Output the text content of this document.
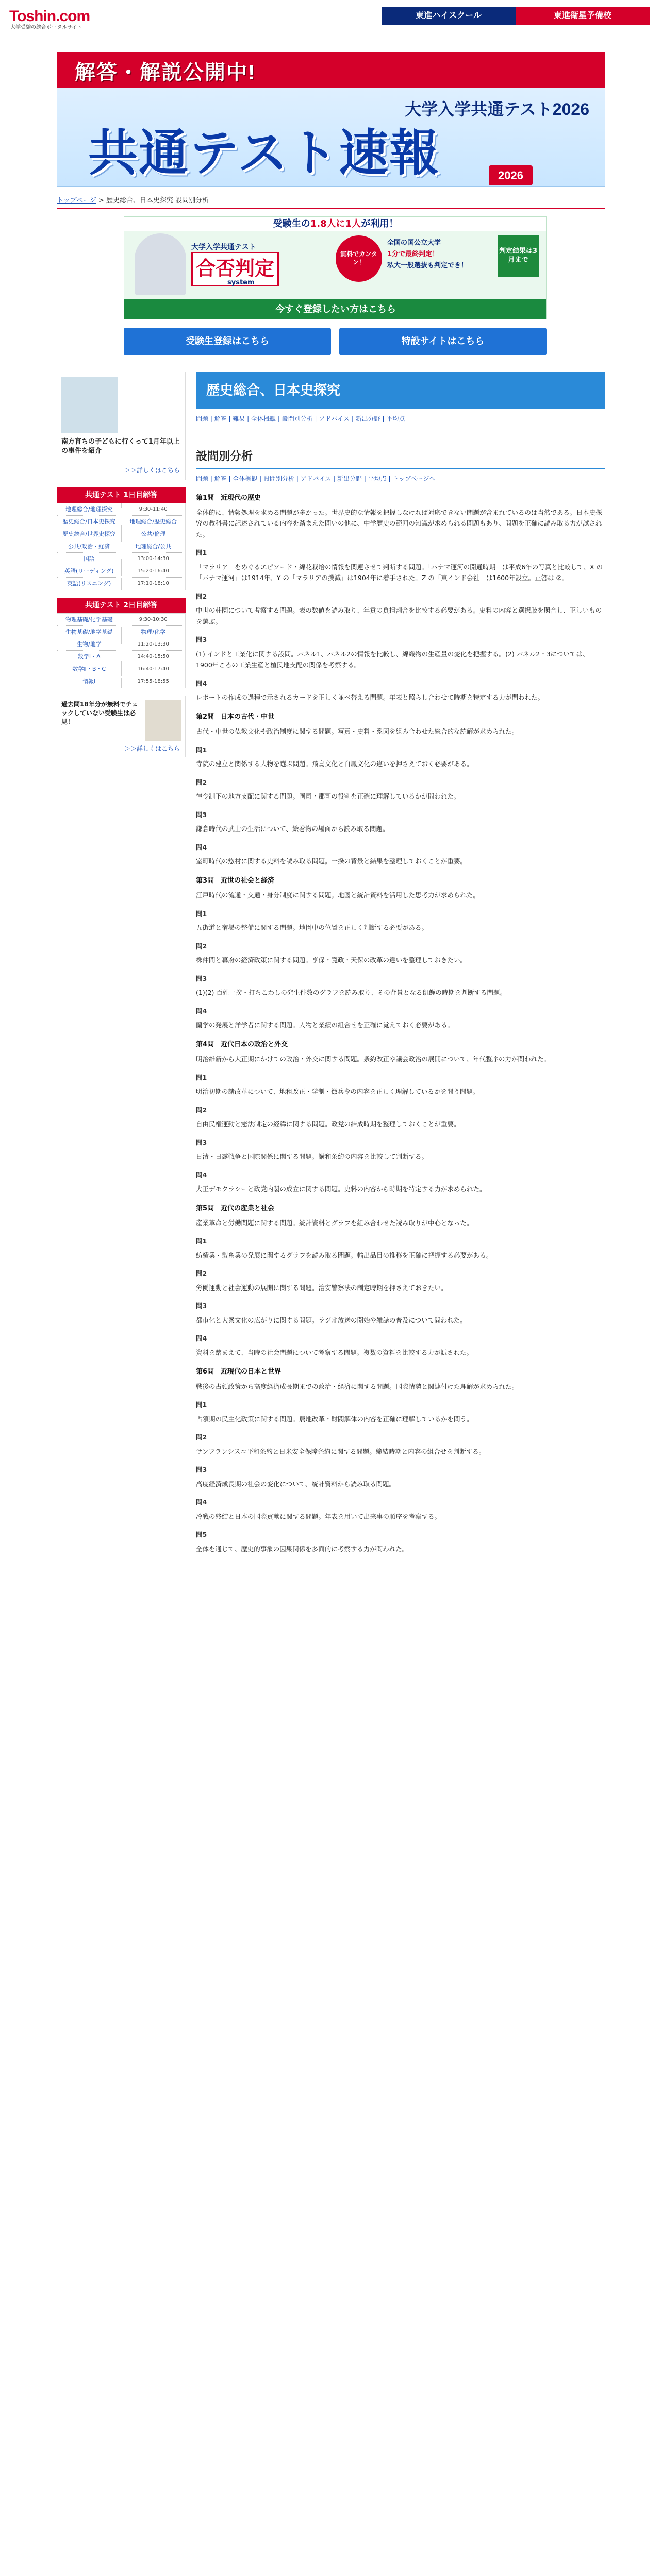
Toshin.com
大学受験の総合ポータルサイト
東進ハイスクール	東進衛星予備校
解答・解説公開中!
大学入学共通テスト2026
共通テスト速報	2026
トップページ > 歴史総合、日本史探究 設問別分析
受験生の1.8人に1人が利用！
大学入学共通テスト
合否判定
system
無料でカンタン！
全国の国公立大学
1分で最終判定！
私大一般選抜も判定でき！
判定結果は3月まで
今すぐ登録したい方はこちら
受験生登録はこちら	特設サイトはこちら
南方育ちの子どもに行くって1月年以上の事件を紹介
＞＞詳しくはこちら
共通テスト 1日目解答
地理総合/地理探究	9:30-11:40
歴史総合/日本史探究	地理総合/歴史総合
歴史総合/世界史探究	公共/倫理
公共/政治・経済	地理総合/公共
国語	13:00-14:30
英語(リーディング)	15:20-16:40
英語(リスニング)	17:10-18:10
共通テスト 2日目解答
物理基礎/化学基礎	9:30-10:30
生物基礎/地学基礎	物理/化学
生物/地学	11:20-13:30
数学Ⅰ・A	14:40-15:50
数学Ⅱ・B・C	16:40-17:40
情報Ⅰ	17:55-18:55
過去問18年分が無料でチェックしていない受験生は必見！
＞＞詳しくはこちら
歴史総合、日本史探究
問題 | 解答 | 難易 | 全体概観 | 設問別分析 | アドバイス | 新出分野 | 平均点
設問別分析
問題 | 解答 | 全体概観 | 設問別分析 | アドバイス | 新出分野 | 平均点 | トップページへ
第1問　近現代の歴史

全体的に、情報処理を求める問題が多かった。世界史的な情報を把握しなければ対応できない問題が含まれているのは当然である。日本史探究の教科書に記述されている内容を踏まえた問いの他に、中学歴史の範囲の知識が求められる問題もあり、問題を正確に読み取る力が試された。

問1

「マラリア」をめぐるエピソード・綿花栽培の情報を関連させて判断する問題。「パナマ運河の開通時期」は平成6年の写真と比較して、X の「パナマ運河」は1914年、Y の「マラリアの撲滅」は1904年に着手された。Z の「東インド会社」は1600年設立。正答は ②。

問2

中世の荘園について考察する問題。表の数値を読み取り、年貢の負担割合を比較する必要がある。史料の内容と選択肢を照合し、正しいものを選ぶ。

問3

(1) インドと工業化に関する設問。パネル1、パネル2の情報を比較し、綿織物の生産量の変化を把握する。(2) パネル2・3については、1900年ころの工業生産と植民地支配の関係を考察する。

問4

レポートの作成の過程で示されるカードを正しく並べ替える問題。年表と照らし合わせて時期を特定する力が問われた。

第2問　日本の古代・中世

古代・中世の仏教文化や政治制度に関する問題。写真・史料・系図を組み合わせた総合的な読解が求められた。

問1

寺院の建立と関係する人物を選ぶ問題。飛鳥文化と白鳳文化の違いを押さえておく必要がある。

問2

律令制下の地方支配に関する問題。国司・郡司の役割を正確に理解しているかが問われた。

問3

鎌倉時代の武士の生活について、絵巻物の場面から読み取る問題。

問4

室町時代の惣村に関する史料を読み取る問題。一揆の背景と結果を整理しておくことが重要。

第3問　近世の社会と経済

江戸時代の流通・交通・身分制度に関する問題。地図と統計資料を活用した思考力が求められた。

問1

五街道と宿場の整備に関する問題。地図中の位置を正しく判断する必要がある。

問2

株仲間と幕府の経済政策に関する問題。享保・寛政・天保の改革の違いを整理しておきたい。

問3

(1)(2) 百姓一揆・打ちこわしの発生件数のグラフを読み取り、その背景となる飢饉の時期を判断する問題。

問4

蘭学の発展と洋学者に関する問題。人物と業績の組合せを正確に覚えておく必要がある。

第4問　近代日本の政治と外交

明治維新から大正期にかけての政治・外交に関する問題。条約改正や議会政治の展開について、年代整序の力が問われた。

問1

明治初期の諸改革について、地租改正・学制・徴兵令の内容を正しく理解しているかを問う問題。

問2

自由民権運動と憲法制定の経緯に関する問題。政党の結成時期を整理しておくことが重要。

問3

日清・日露戦争と国際関係に関する問題。講和条約の内容を比較して判断する。

問4

大正デモクラシーと政党内閣の成立に関する問題。史料の内容から時期を特定する力が求められた。

第5問　近代の産業と社会

産業革命と労働問題に関する問題。統計資料とグラフを組み合わせた読み取りが中心となった。

問1

紡績業・製糸業の発展に関するグラフを読み取る問題。輸出品目の推移を正確に把握する必要がある。

問2

労働運動と社会運動の展開に関する問題。治安警察法の制定時期を押さえておきたい。

問3

都市化と大衆文化の広がりに関する問題。ラジオ放送の開始や雑誌の普及について問われた。

問4

資料を踏まえて、当時の社会問題について考察する問題。複数の資料を比較する力が試された。

第6問　近現代の日本と世界

戦後の占領政策から高度経済成長期までの政治・経済に関する問題。国際情勢と関連付けた理解が求められた。

問1

占領期の民主化政策に関する問題。農地改革・財閥解体の内容を正確に理解しているかを問う。

問2

サンフランシスコ平和条約と日米安全保障条約に関する問題。締結時期と内容の組合せを判断する。

問3

高度経済成長期の社会の変化について、統計資料から読み取る問題。

問4

冷戦の終結と日本の国際貢献に関する問題。年表を用いて出来事の順序を考察する。

問5

全体を通じて、歴史的事象の因果関係を多面的に考察する力が問われた。
